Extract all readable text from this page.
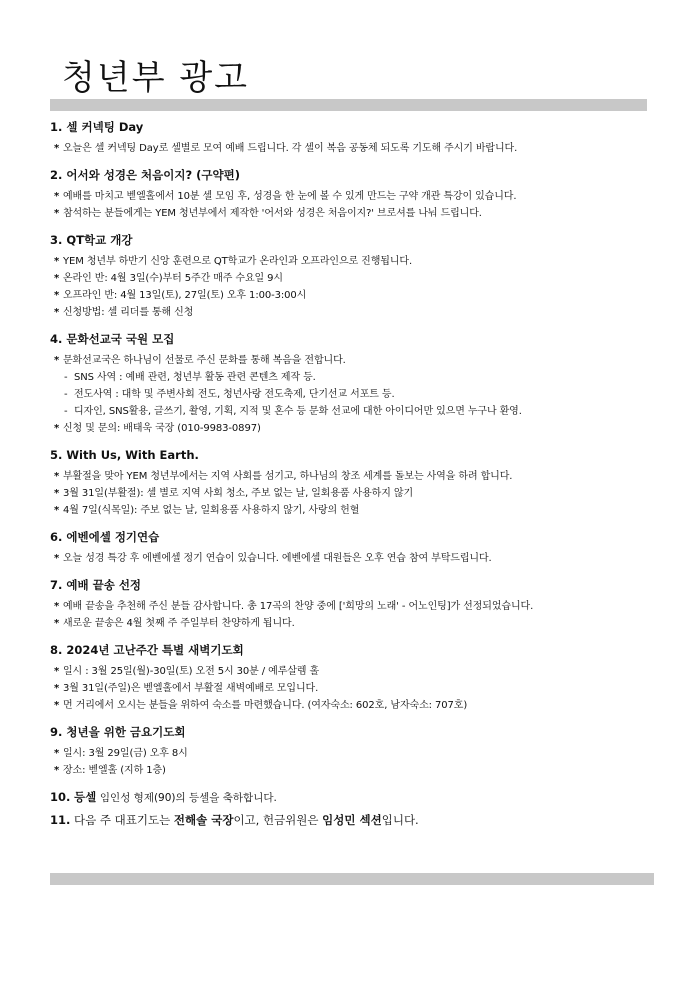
청년부 광고
1. 셀 커넥팅 Day
* 오늘은 셀 커넥팅 Day로 셀별로 모여 예배 드립니다. 각 셀이 복음 공동체 되도록 기도해 주시기 바랍니다.
2. 어서와 성경은 처음이지? (구약편)
* 예배를 마치고 벧엘홀에서 10분 셀 모임 후, 성경을 한 눈에 볼 수 있게 만드는 구약 개관 특강이 있습니다.
* 참석하는 분들에게는 YEM 청년부에서 제작한 '어서와 성경은 처음이지?' 브로셔를 나눠 드립니다.
3. QT학교 개강
* YEM 청년부 하반기 신앙 훈련으로 QT학교가 온라인과 오프라인으로 진행됩니다.
* 온라인 반: 4월 3일(수)부터 5주간 매주 수요일 9시
* 오프라인 반: 4월 13일(토), 27일(토) 오후 1:00-3:00시
* 신청방법: 셀 리더를 통해 신청
4. 문화선교국 국원 모집
* 문화선교국은 하나님이 선물로 주신 문화를 통해 복음을 전합니다.
- SNS 사역 : 예배 관련, 청년부 활동 관련 콘텐츠 제작 등.
- 전도사역 : 대학 및 주변사회 전도, 청년사랑 전도축제, 단기선교 서포트 등.
- 디자인, SNS활용, 글쓰기, 촬영, 기획, 지적 및 혼수 등 문화 선교에 대한 아이디어만 있으면 누구나 환영.
* 신청 및 문의: 배태욱 국장 (010-9983-0897)
5. With Us, With Earth.
* 부활절을 맞아 YEM 청년부에서는 지역 사회를 섬기고, 하나님의 창조 세계를 돌보는 사역을 하려 합니다.
* 3월 31일(부활절): 셀 별로 지역 사회 청소, 주보 없는 날, 일회용품 사용하지 않기
* 4월 7일(식목일): 주보 없는 날, 일회용품 사용하지 않기, 사랑의 헌혈
6. 에벤에셀 정기연습
* 오늘 성경 특강 후 에벤에셀 정기 연습이 있습니다. 에벤에셀 대원들은 오후 연습 참여 부탁드립니다.
7. 예배 끝송 선정
* 예배 끝송을 추천해 주신 분들 감사합니다. 총 17곡의 찬양 중에 ['희망의 노래' - 어노인팅]가 선정되었습니다.
* 새로운 끝송은 4월 첫째 주 주일부터 찬양하게 됩니다.
8. 2024년 고난주간 특별 새벽기도회
* 일시 : 3월 25일(월)-30일(토) 오전 5시 30분 / 예루살렘 홀
* 3월 31일(주일)은 벧엘홀에서 부활절 새벽예배로 모입니다.
* 먼 거리에서 오시는 분들을 위하여 숙소를 마련했습니다. (여자숙소: 602호, 남자숙소: 707호)
9. 청년을 위한 금요기도회
* 일시: 3월 29일(금) 오후 8시
* 장소: 벧엘홀 (지하 1층)
10. 등셀 임인성 형제(90)의 등셀을 축하합니다.
11. 다음 주 대표기도는 전해솔 국장이고, 헌금위원은 임성민 섹션입니다.
